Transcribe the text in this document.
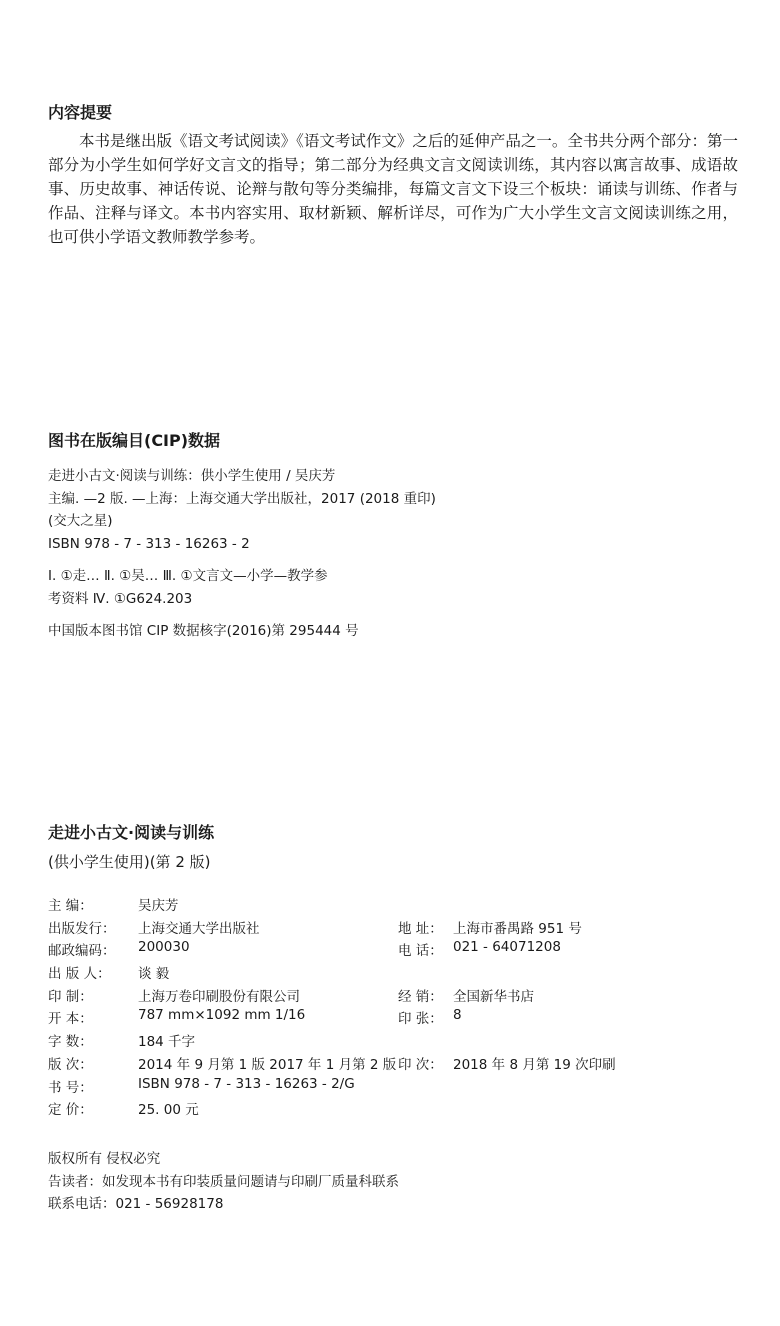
内容提要

本书是继出版《语文考试阅读》《语文考试作文》之后的延伸产品之一。全书共分两个部分：第一部分为小学生如何学好文言文的指导；第二部分为经典文言文阅读训练，其内容以寓言故事、成语故事、历史故事、神话传说、论辩与散句等分类编排，每篇文言文下设三个板块：诵读与训练、作者与作品、注释与译文。本书内容实用、取材新颖、解析详尽，可作为广大小学生文言文阅读训练之用，也可供小学语文教师教学参考。

图书在版编目(CIP)数据
走进小古文·阅读与训练：供小学生使用 / 吴庆芳
主编. —2 版. —上海：上海交通大学出版社，2017 (2018 重印)
(交大之星)
ISBN 978 - 7 - 313 - 16263 - 2
Ⅰ. ①走… Ⅱ. ①吴… Ⅲ. ①文言文—小学—教学参
考资料 Ⅳ. ①G624.203
中国版本图书馆 CIP 数据核字(2016)第 295444 号
走进小古文·阅读与训练
(供小学生使用)(第 2 版)
主 编：	吴庆芳
出版发行： 上海交通大学出版社	地 址： 上海市番禺路 951 号
邮政编码： 200030	电 话： 021 - 64071208
出 版 人： 谈 毅
印 制：	上海万卷印刷股份有限公司	经 销： 全国新华书店
开 本：	787 mm×1092 mm 1/16	印 张： 8
字 数：	184 千字
版 次：	2014 年 9 月第 1 版 2017 年 1 月第 2 版 印 次： 2018 年 8 月第 19 次印刷
书 号：	ISBN 978 - 7 - 313 - 16263 - 2/G
定 价：	25. 00 元
版权所有 侵权必究
告读者：如发现本书有印装质量问题请与印刷厂质量科联系
联系电话：021 - 56928178
